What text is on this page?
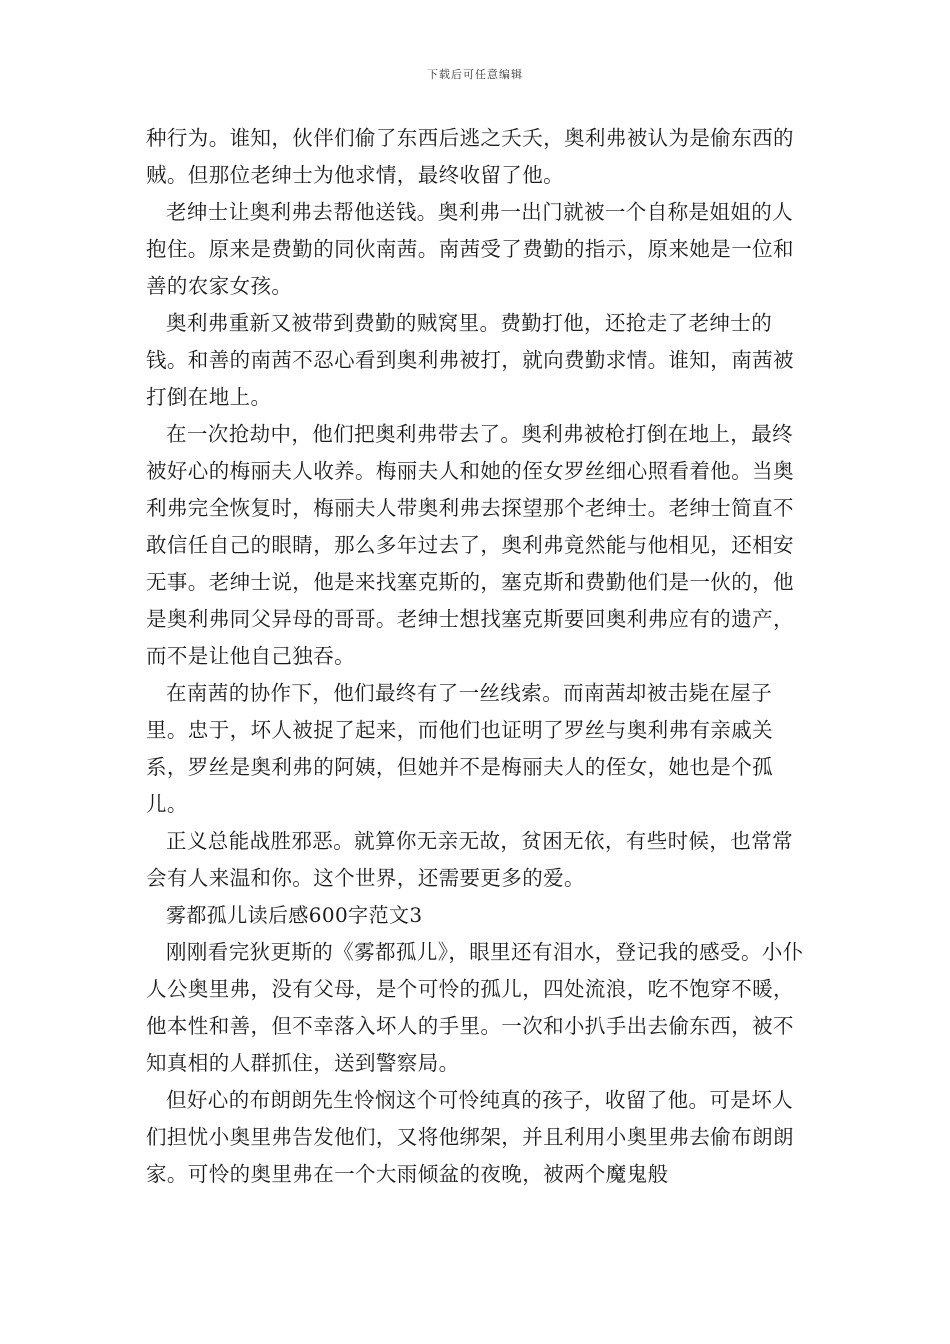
下载后可任意编辑

种行为。谁知，伙伴们偷了东西后逃之夭夭，奥利弗被认为是偷东西的贼。但那位老绅士为他求情，最终收留了他。

老绅士让奥利弗去帮他送钱。奥利弗一出门就被一个自称是姐姐的人抱住。原来是费勤的同伙南茜。南茜受了费勤的指示，原来她是一位和善的农家女孩。

奥利弗重新又被带到费勤的贼窝里。费勤打他，还抢走了老绅士的钱。和善的南茜不忍心看到奥利弗被打，就向费勤求情。谁知，南茜被打倒在地上。

在一次抢劫中，他们把奥利弗带去了。奥利弗被枪打倒在地上，最终被好心的梅丽夫人收养。梅丽夫人和她的侄女罗丝细心照看着他。当奥利弗完全恢复时，梅丽夫人带奥利弗去探望那个老绅士。老绅士简直不敢信任自己的眼睛，那么多年过去了，奥利弗竟然能与他相见，还相安无事。老绅士说，他是来找塞克斯的，塞克斯和费勤他们是一伙的，他是奥利弗同父异母的哥哥。老绅士想找塞克斯要回奥利弗应有的遗产，而不是让他自己独吞。

在南茜的协作下，他们最终有了一丝线索。而南茜却被击毙在屋子里。忠于，坏人被捉了起来，而他们也证明了罗丝与奥利弗有亲戚关系，罗丝是奥利弗的阿姨，但她并不是梅丽夫人的侄女，她也是个孤儿。

正义总能战胜邪恶。就算你无亲无故，贫困无依，有些时候，也常常会有人来温和你。这个世界，还需要更多的爱。

雾都孤儿读后感600字范文3

刚刚看完狄更斯的《雾都孤儿》，眼里还有泪水，登记我的感受。小仆人公奥里弗，没有父母，是个可怜的孤儿，四处流浪，吃不饱穿不暖，他本性和善，但不幸落入坏人的手里。一次和小扒手出去偷东西，被不知真相的人群抓住，送到警察局。

但好心的布朗朗先生怜悯这个可怜纯真的孩子，收留了他。可是坏人们担忧小奥里弗告发他们，又将他绑架，并且利用小奥里弗去偷布朗朗家。可怜的奥里弗在一个大雨倾盆的夜晚，被两个魔鬼般
